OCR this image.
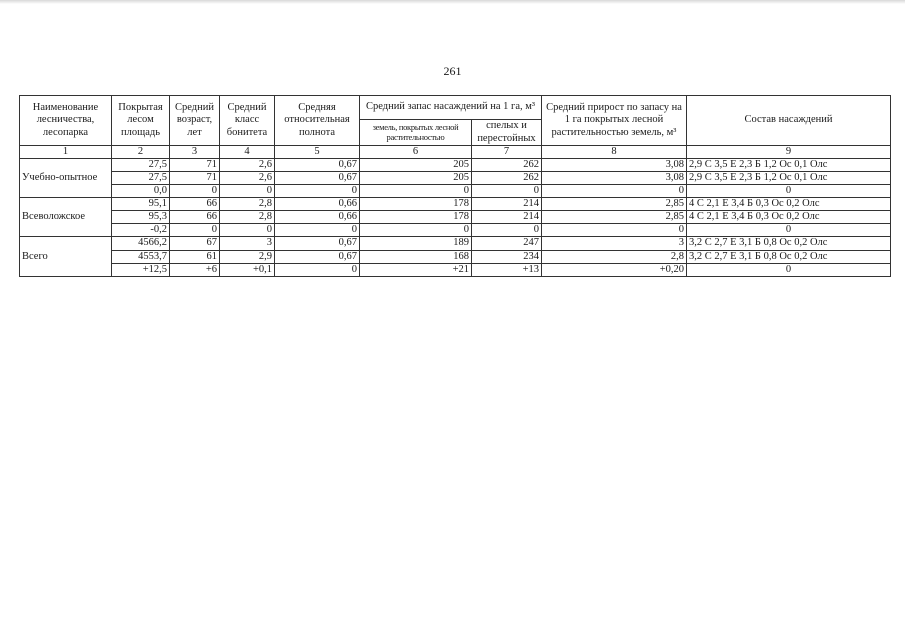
261
Наименование лесничества, лесопарка	Покрытая лесом площадь	Средний возраст, лет	Средний класс бонитета	Средняя относительная полнота	Средний запас насаждений на 1 га, м³		Средний прирост по запасу на 1 га покрытых лесной растительностью земель, м³	Состав насаждений
					земель, покрытых лесной растительностью	спелых и перестойных		
1	2	3	4	5	6	7	8	9
Учебно-опытное	27,5	71	2,6	0,67	205	262	3,08	2,9 С 3,5 Е 2,3 Б 1,2 Ос 0,1 Олс
	27,5	71	2,6	0,67	205	262	3,08	2,9 С 3,5 Е 2,3 Б 1,2 Ос 0,1 Олс
	0,0	0	0	0	0	0	0	0
Всеволожское	95,1	66	2,8	0,66	178	214	2,85	4 С 2,1 Е 3,4 Б 0,3 Ос 0,2 Олс
	95,3	66	2,8	0,66	178	214	2,85	4 С 2,1 Е 3,4 Б 0,3 Ос 0,2 Олс
	-0,2	0	0	0	0	0	0	0
Всего	4566,2	67	3	0,67	189	247	3	3,2 С 2,7 Е 3,1 Б 0,8 Ос 0,2 Олс
	4553,7	61	2,9	0,67	168	234	2,8	3,2 С 2,7 Е 3,1 Б 0,8 Ос 0,2 Олс
	+12,5	+6	+0,1	0	+21	+13	+0,20	0
